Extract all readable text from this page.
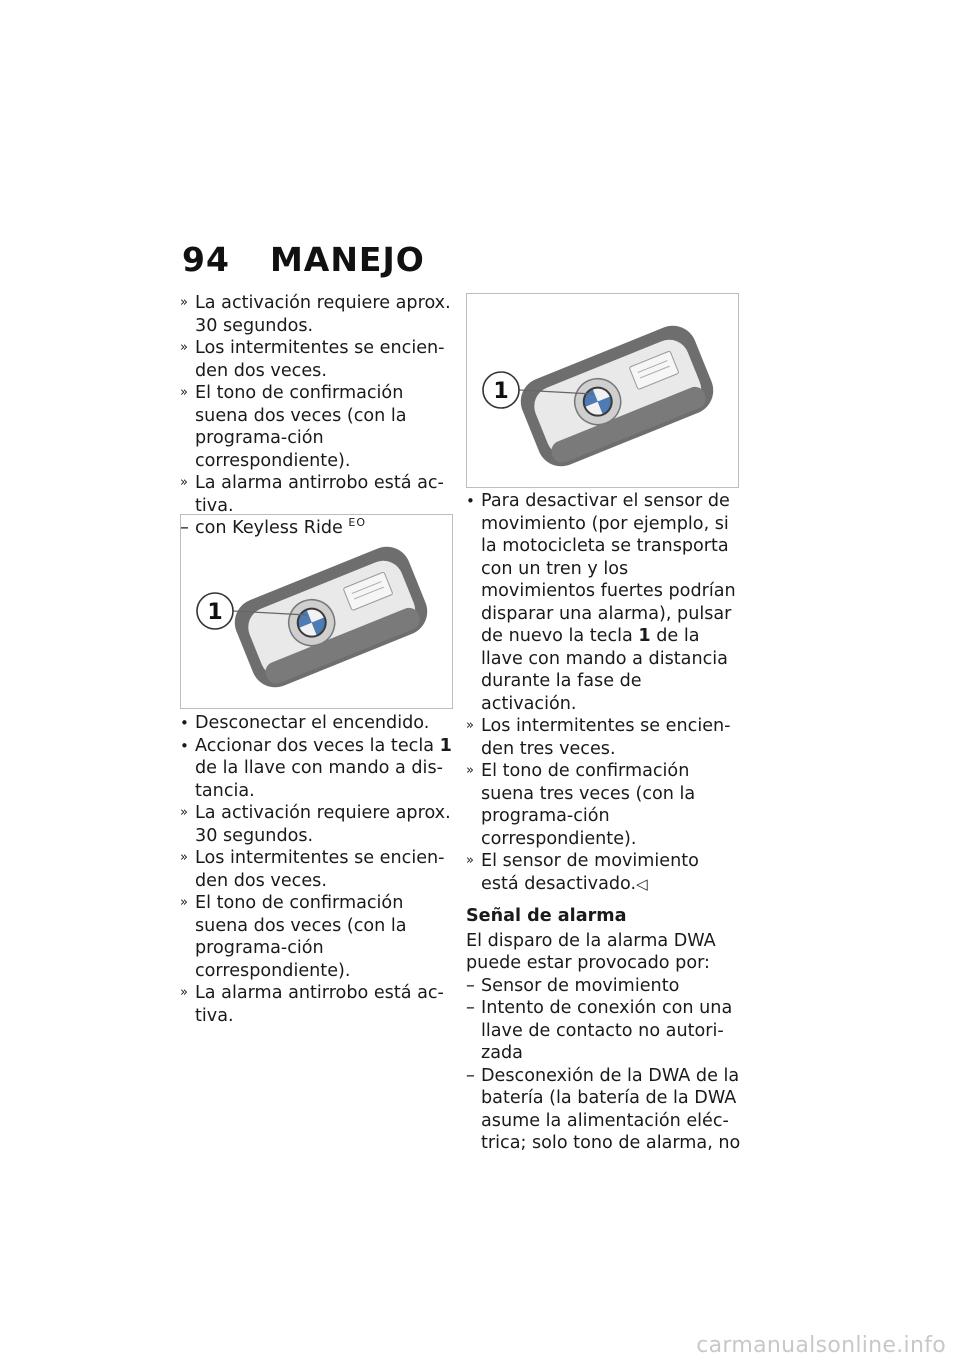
94 MANEJO

» La activación requiere aprox. 30 segundos.

» Los intermitentes se encien-den dos veces.

» El tono de confirmación suena dos veces (con la programa-ción correspondiente).

» La alarma antirrobo está ac-tiva.

– con Keyless Ride $^{EO}$

1

• Desconectar el encendido.

• Accionar dos veces la tecla 1 de la llave con mando a dis-tancia.

» La activación requiere aprox. 30 segundos.

» Los intermitentes se encien-den dos veces.

» El tono de confirmación suena dos veces (con la programa-ción correspondiente).

» La alarma antirrobo está ac-tiva.

1

• Para desactivar el sensor de movimiento (por ejemplo, si la motocicleta se transporta con un tren y los movimientos fuertes podrían disparar una alarma), pulsar de nuevo la tecla 1 de la llave con mando a distancia durante la fase de activación.

» Los intermitentes se encien-den tres veces.

» El tono de confirmación suena tres veces (con la programa-ción correspondiente).

» El sensor de movimiento está desactivado.◁

Señal de alarma

El disparo de la alarma DWA puede estar provocado por:

– Sensor de movimiento

– Intento de conexión con una llave de contacto no autori-zada

– Desconexión de la DWA de la batería (la batería de la DWA asume la alimentación eléc-trica; solo tono de alarma, no

carmanualsonline.info
